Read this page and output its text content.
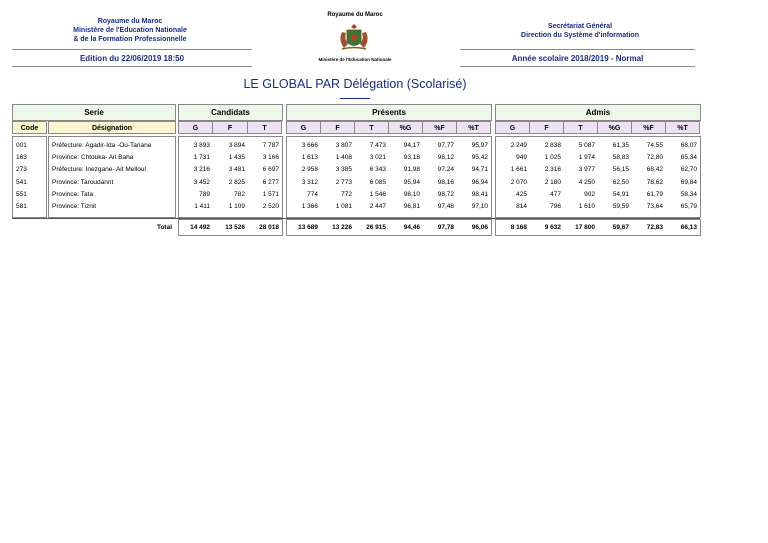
Royaume du Maroc
Ministère de l'Education Nationale
& de la Formation Professionnelle
Royaume du Maroc
Ministère de l'Education Nationale
Secrétariat Général
Direction du Système d'information
Edition du 22/06/2019 18:50	Année scolaire 2018/2019 - Normal
LE GLOBAL PAR Délégation (Scolarisé)
Serie	Candidats	Présents	Admis
Code	Désignation	G	F	T	G	F	T	%G	%F	%T	G	F	T	%G	%F	%T
001	Préfecture: Agadir-Ida -Ou-Tanane	3 893	3 894	7 787	3 666	3 807	7 473	94,17	97,77	95,97	2 249	2 838	5 087	61,35	74,55	68,07
163	Province: Chtouka- Ait Baha	1 731	1 435	3 166	1 613	1 408	3 021	93,18	98,12	95,42	949	1 025	1 974	58,83	72,80	65,34
273	Préfecture: Inezgane- Ait Melloul	3 216	3 481	6 697	2 958	3 385	6 343	91,98	97,24	94,71	1 661	2 316	3 977	56,15	68,42	62,70
541	Province: Taroudannt	3 452	2 825	6 277	3 312	2 773	6 085	95,94	98,16	96,94	2 070	2 180	4 250	62,50	78,62	69,84
551	Province: Tata	789	782	1 571	774	772	1 546	98,10	98,72	98,41	425	477	902	54,91	61,79	58,34
581	Province: Tiznit	1 411	1 109	2 520	1 366	1 081	2 447	96,81	97,48	97,10	814	796	1 610	59,59	73,64	65,79
Total	14 492	13 526	28 018	13 689	13 226	26 915	94,46	97,78	96,06	8 168	9 632	17 800	59,67	72,83	66,13
